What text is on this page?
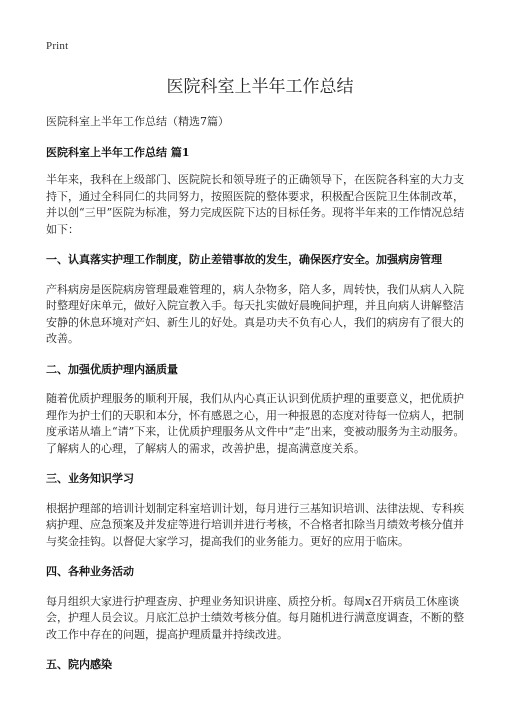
Print
医院科室上半年工作总结

医院科室上半年工作总结（精选7篇）

医院科室上半年工作总结 篇1

半年来，我科在上级部门、医院院长和领导班子的正确领导下，在医院各科室的大力支持下，通过全科同仁的共同努力，按照医院的整体要求，积极配合医院卫生体制改革，并以创“三甲”医院为标准，努力完成医院下达的目标任务。现将半年来的工作情况总结如下：

一、认真落实护理工作制度，防止差错事故的发生，确保医疗安全。加强病房管理

产科病房是医院病房管理最难管理的，病人杂物多，陪人多，周转快，我们从病人入院时整理好床单元，做好入院宣教入手。每天扎实做好晨晚间护理，并且向病人讲解整洁安静的休息环境对产妇、新生儿的好处。真是功夫不负有心人，我们的病房有了很大的改善。

二、加强优质护理内涵质量

随着优质护理服务的顺利开展，我们从内心真正认识到优质护理的重要意义，把优质护理作为护士们的天职和本分，怀有感恩之心，用一种报恩的态度对待每一位病人，把制度承诺从墙上“请”下来，让优质护理服务从文件中“走”出来，变被动服务为主动服务。了解病人的心理，了解病人的需求，改善护患，提高满意度关系。

三、业务知识学习

根据护理部的培训计划制定科室培训计划，每月进行三基知识培训、法律法规、专科疾病护理、应急预案及并发症等进行培训并进行考核，不合格者扣除当月绩效考核分值并与奖金挂钩。以督促大家学习，提高我们的业务能力。更好的应用于临床。

四、各种业务活动

每月组织大家进行护理查房、护理业务知识讲座、质控分析。每周x召开病员工休座谈会，护理人员会议。月底汇总护士绩效考核分值。每月随机进行满意度调查，不断的整改工作中存在的问题，提高护理质量并持续改进。

五、院内感染
